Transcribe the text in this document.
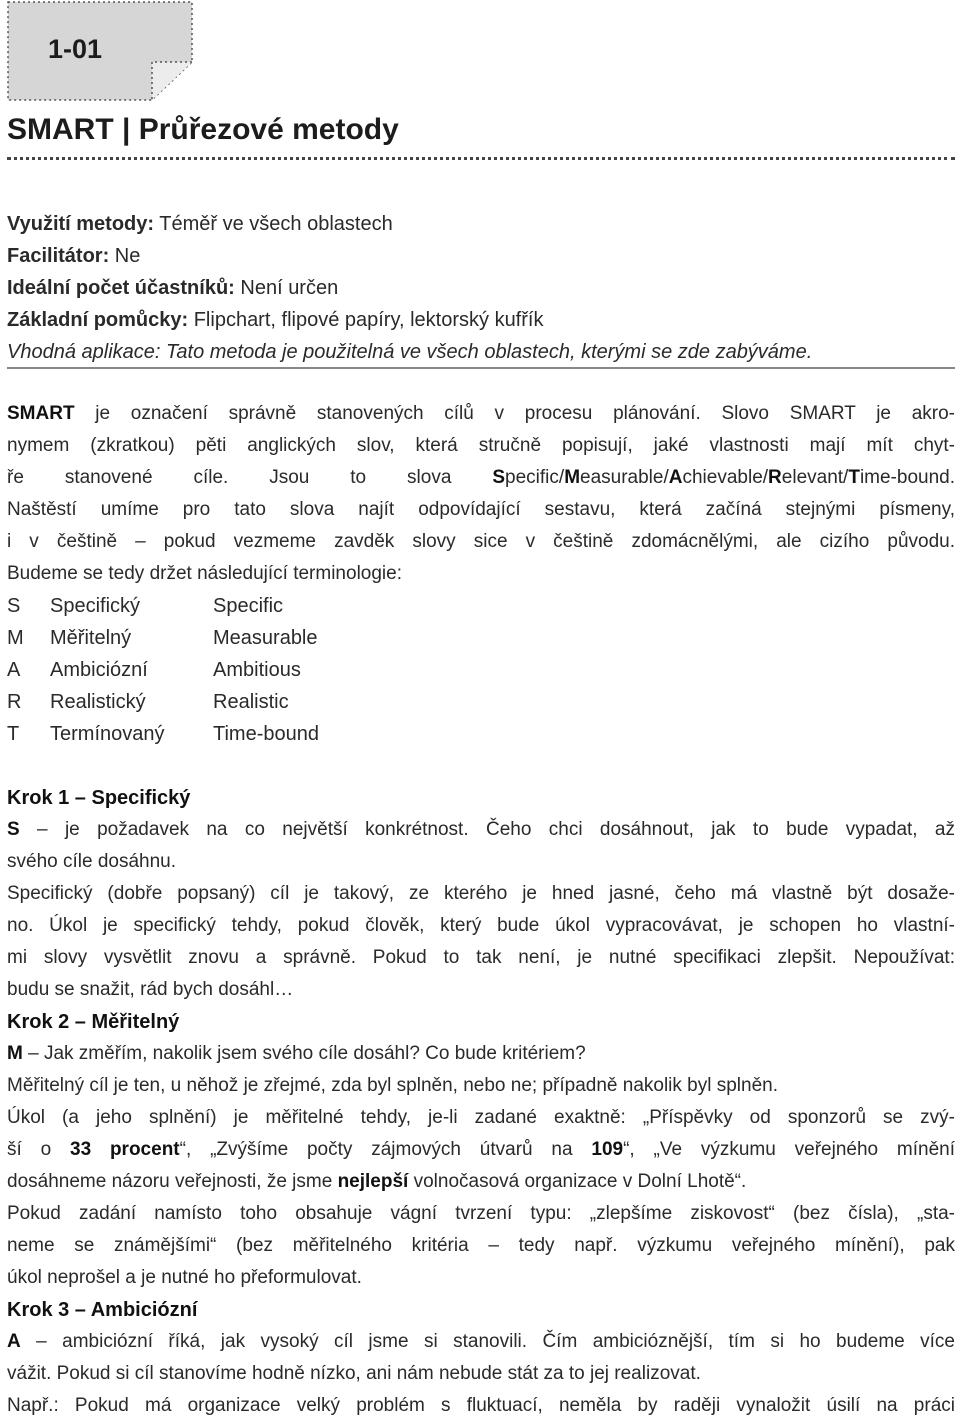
1-01
SMART | Průřezové metody
Využití metody: Téměř ve všech oblastech
Facilitátor: Ne
Ideální počet účastníků: Není určen
Základní pomůcky: Flipchart, flipové papíry, lektorský kufřík
Vhodná aplikace: Tato metoda je použitelná ve všech oblastech, kterými se zde zabýváme.
SMART je označení správně stanovených cílů v procesu plánování. Slovo SMART je akro-
nymem (zkratkou) pěti anglických slov, která stručně popisují, jaké vlastnosti mají mít chyt-
ře stanovené cíle. Jsou to slova Specific/Measurable/Achievable/Relevant/Time-bound.
Naštěstí umíme pro tato slova najít odpovídající sestavu, která začíná stejnými písmeny,
i v češtině – pokud vezmeme zavděk slovy sice v češtině zdomácnělými, ale cizího původu.
Budeme se tedy držet následující terminologie:
S	Specifický	Specific
M	Měřitelný	Measurable
A	Ambiciózní	Ambitious
R	Realistický	Realistic
T	Termínovaný	Time-bound
Krok 1 – Specifický
S – je požadavek na co největší konkrétnost. Čeho chci dosáhnout, jak to bude vypadat, až
svého cíle dosáhnu.
Specifický (dobře popsaný) cíl je takový, ze kterého je hned jasné, čeho má vlastně být dosaže-
no. Úkol je specifický tehdy, pokud člověk, který bude úkol vypracovávat, je schopen ho vlastní-
mi slovy vysvětlit znovu a správně. Pokud to tak není, je nutné specifikaci zlepšit. Nepoužívat:
budu se snažit, rád bych dosáhl…
Krok 2 – Měřitelný
M – Jak změřím, nakolik jsem svého cíle dosáhl? Co bude kritériem?
Měřitelný cíl je ten, u něhož je zřejmé, zda byl splněn, nebo ne; případně nakolik byl splněn.
Úkol (a jeho splnění) je měřitelné tehdy, je-li zadané exaktně: „Příspěvky od sponzorů se zvý-
ší o 33 procent“, „Zvýšíme počty zájmových útvarů na 109“, „Ve výzkumu veřejného mínění
dosáhneme názoru veřejnosti, že jsme nejlepší volnočasová organizace v Dolní Lhotě“.
Pokud zadání namísto toho obsahuje vágní tvrzení typu: „zlepšíme ziskovost“ (bez čísla), „sta-
neme se známějšími“ (bez měřitelného kritéria – tedy např. výzkumu veřejného mínění), pak
úkol neprošel a je nutné ho přeformulovat.
Krok 3 – Ambiciózní
A – ambiciózní říká, jak vysoký cíl jsme si stanovili. Čím ambicióznější, tím si ho budeme více
vážit. Pokud si cíl stanovíme hodně nízko, ani nám nebude stát za to jej realizovat.
Např.: Pokud má organizace velký problém s fluktuací, neměla by raději vynaložit úsilí na práci
